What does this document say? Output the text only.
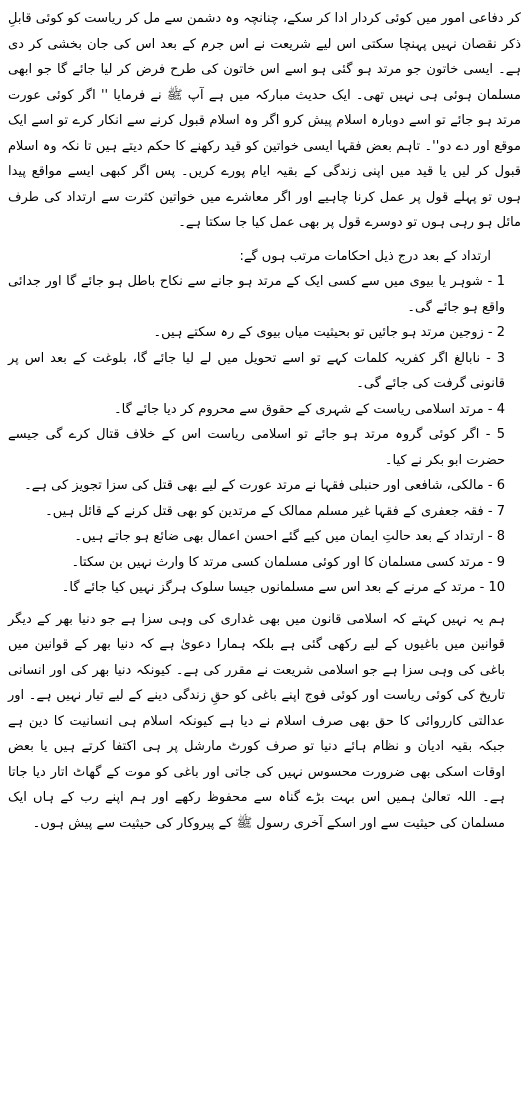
کر دفاعی امور میں کوئی کردار ادا کر سکے، چنانچہ وہ دشمن سے مل کر ریاست کو کوئی قابلِ ذکر نقصان نہیں پہنچا سکتی اس لیے شریعت نے اس جرم کے بعد اس کی جان بخشی کر دی ہے۔ ایسی خاتون جو مرتد ہو گئی ہو اسے اس خاتون کی طرح فرض کر لیا جائے گا جو ابھی مسلمان ہوئی ہی نہیں تھی۔ ایک حدیث مبارکہ میں ہے آپ ﷺ نے فرمایا '' اگر کوئی عورت مرتد ہو جائے تو اسے دوبارہ اسلام پیش کرو اگر وہ اسلام قبول کرنے سے انکار کرے تو اسے ایک موقع اور دے دو''۔ تاہم بعض فقہا ایسی خواتین کو قید رکھنے کا حکم دیتے ہیں تا نکہ وہ اسلام قبول کر لیں یا قید میں اپنی زندگی کے بقیہ ایام پورے کریں۔ پس اگر کبھی ایسے مواقع پیدا ہوں تو پہلے قول پر عمل کرنا چاہیے اور اگر معاشرے میں خواتین کثرت سے ارتداد کی طرف مائل ہو رہی ہوں تو دوسرے قول پر بھی عمل کیا جا سکتا ہے۔

ارتداد کے بعد درج ذیل احکامات مرتب ہوں گے:

1 - شوہر یا بیوی میں سے کسی ایک کے مرتد ہو جانے سے نکاح باطل ہو جائے گا اور جدائی واقع ہو جائے گی۔

2 - زوجین مرتد ہو جائیں تو بحیثیت میاں بیوی کے رہ سکتے ہیں۔

3 - نابالغ اگر کفریہ کلمات کہے تو اسے تحویل میں لے لیا جائے گا، بلوغت کے بعد اس پر قانونی گرفت کی جائے گی۔

4 - مرتد اسلامی ریاست کے شہری کے حقوق سے محروم کر دیا جائے گا۔

5 - اگر کوئی گروہ مرتد ہو جائے تو اسلامی ریاست اس کے خلاف قتال کرے گی جیسے حضرت ابو بکر نے کیا۔

6 - مالکی، شافعی اور حنبلی فقہا نے مرتد عورت کے لیے بھی قتل کی سزا تجویز کی ہے۔

7 - فقہ جعفری کے فقہا غیر مسلم ممالک کے مرتدین کو بھی قتل کرنے کے قائل ہیں۔

8 - ارتداد کے بعد حالتِ ایمان میں کیے گئے احسن اعمال بھی ضائع ہو جاتے ہیں۔

9 - مرتد کسی مسلمان کا اور کوئی مسلمان کسی مرتد کا وارث نہیں بن سکتا۔

10 - مرتد کے مرنے کے بعد اس سے مسلمانوں جیسا سلوک ہرگز نہیں کیا جائے گا۔

ہم یہ نہیں کہتے کہ اسلامی قانون میں بھی غداری کی وہی سزا ہے جو دنیا بھر کے دیگر قوانین میں باغیوں کے لیے رکھی گئی ہے بلکہ ہمارا دعویٰ ہے کہ دنیا بھر کے قوانین میں باغی کی وہی سزا ہے جو اسلامی شریعت نے مقرر کی ہے۔ کیونکہ دنیا بھر کی اور انسانی تاریخ کی کوئی ریاست اور کوئی فوج اپنے باغی کو حقِ زندگی دینے کے لیے تیار نہیں ہے۔ اور عدالتی کارروائی کا حق بھی صرف اسلام نے دیا ہے کیونکہ اسلام ہی انسانیت کا دین ہے جبکہ بقیہ ادیان و نظام ہائے دنیا تو صرف کورٹ مارشل پر ہی اکتفا کرتے ہیں یا بعض اوقات اسکی بھی ضرورت محسوس نہیں کی جاتی اور باغی کو موت کے گھاٹ اتار دیا جاتا ہے۔ اللہ تعالیٰ ہمیں اس بہت بڑے گناہ سے محفوظ رکھے اور ہم اپنے رب کے ہاں ایک مسلمان کی حیثیت سے اور اسکے آخری رسول ﷺ کے پیروکار کی حیثیت سے پیش ہوں۔
